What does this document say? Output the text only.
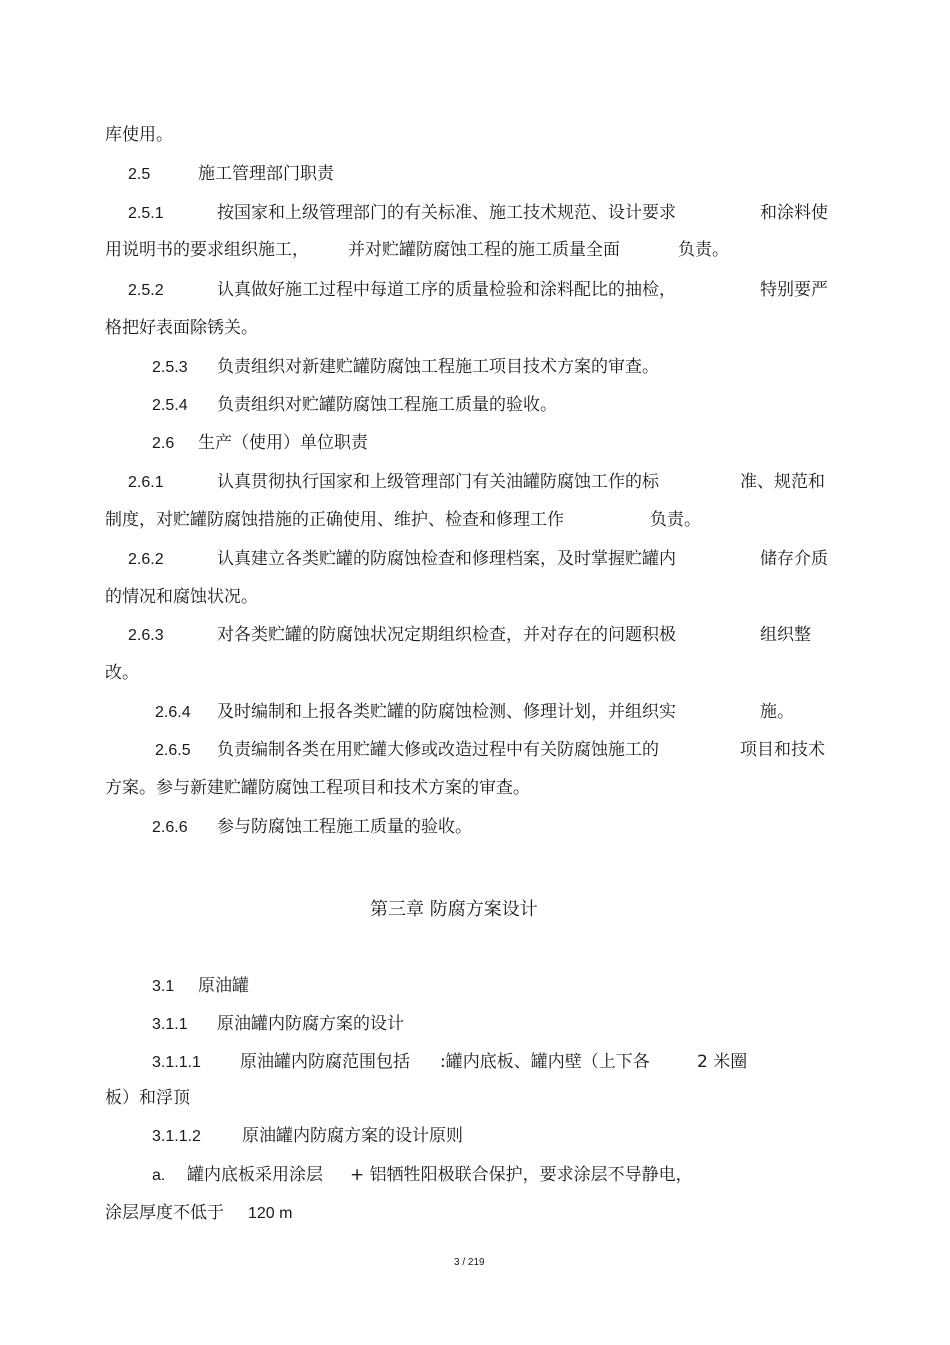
库使用。
2.5	施工管理部门职责
2.5.1	按国家和上级管理部门的有关标准、施工技术规范、设计要求	和涂料使
用说明书的要求组织施工， 并对贮罐防腐蚀工程的施工质量全面	负责。
2.5.2	认真做好施工过程中每道工序的质量检验和涂料配比的抽检，	特别要严
格把好表面除锈关。
2.5.3 负责组织对新建贮罐防腐蚀工程施工项目技术方案的审查。
2.5.4 负责组织对贮罐防腐蚀工程施工质量的验收。
2.6 生产（使用）单位职责
2.6.1	认真贯彻执行国家和上级管理部门有关油罐防腐蚀工作的标	准、规范和
制度，对贮罐防腐蚀措施的正确使用、维护、检查和修理工作	负责。
2.6.2	认真建立各类贮罐的防腐蚀检查和修理档案，及时掌握贮罐内	储存介质
的情况和腐蚀状况。
2.6.3	对各类贮罐的防腐蚀状况定期组织检查，并对存在的问题积极	组织整
改。
2.6.4 及时编制和上报各类贮罐的防腐蚀检测、修理计划，并组织实	施。
2.6.5 负责编制各类在用贮罐大修或改造过程中有关防腐蚀施工的	项目和技术
方案。参与新建贮罐防腐蚀工程项目和技术方案的审查。
2.6.6 参与防腐蚀工程施工质量的验收。
第三章 防腐方案设计
3.1 原油罐
3.1.1 原油罐内防腐方案的设计
3.1.1.1 原油罐内防腐范围包括 :罐内底板、罐内壁（上下各	2 米圈
板）和浮顶
3.1.1.2 原油罐内防腐方案的设计原则
a. 罐内底板采用涂层 + 铝牺牲阳极联合保护，要求涂层不导静电，
涂层厚度不低于 120 m
3 / 219
